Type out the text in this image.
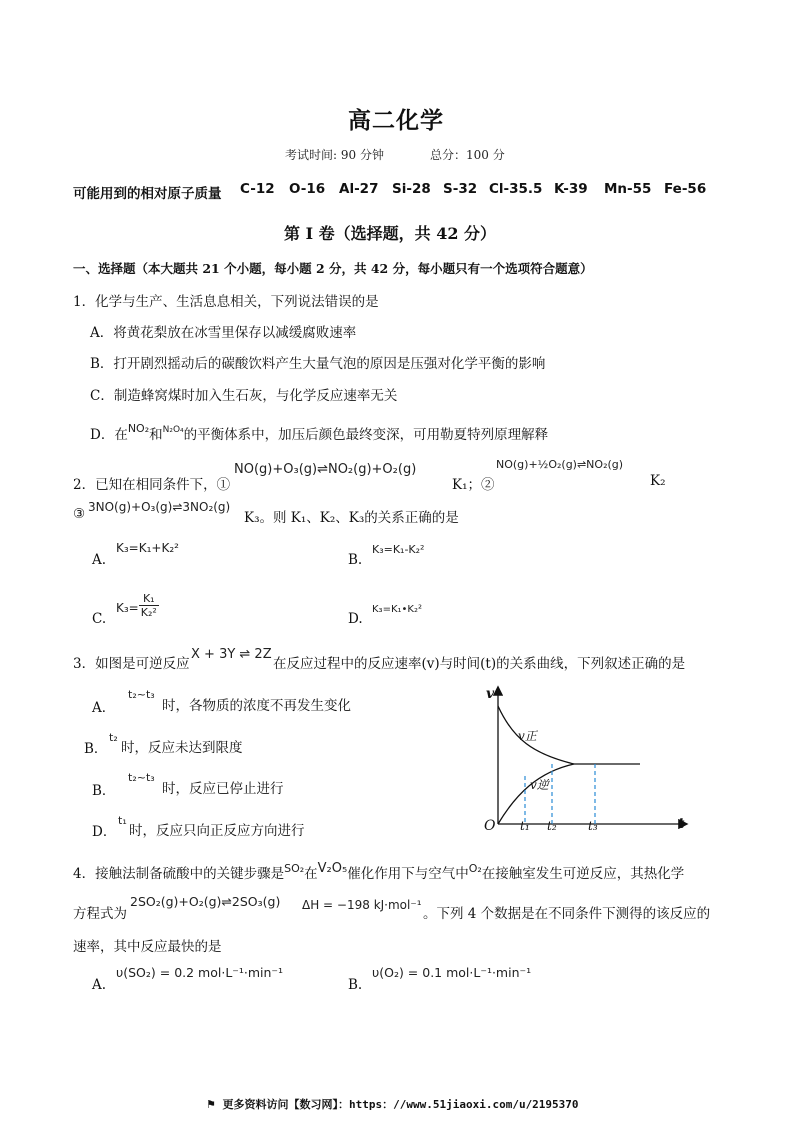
高二化学
考试时间: 90 分钟	总分：100 分
可能用到的相对原子质量 C-12 O-16 Al-27 Si-28 S-32 Cl-35.5 K-39 Mn-55 Fe-56
第 I 卷（选择题，共 42 分）
一、选择题（本大题共 21 个小题，每小题 2 分，共 42 分，每小题只有一个选项符合题意）
1．化学与生产、生活息息相关，下列说法错误的是
A．将黄花梨放在冰雪里保存以减缓腐败速率
B．打开剧烈摇动后的碳酸饮料产生大量气泡的原因是压强对化学平衡的影响
C．制造蜂窝煤时加入生石灰，与化学反应速率无关
D．在$^{NO_2}$和$^{N_2O_4}$的平衡体系中，加压后颜色最终变深，可用勒夏特列原理解释
2．已知在相同条件下，①
NO(g)+O₃(g)⇌NO₂(g)+O₂(g)
K₁；②
NO(g)+½O₂(g)⇌NO₂(g)
K₂
③ 3NO(g)+O₃(g)⇌3NO₂(g)
K₃。则 K₁、K₂、K₃的关系正确的是
A.
K₃=K₁+K₂²
B.
K₃=K₁-K₂²
C.
$K_3= \frac{\text{K₁}}{\text{K₂²}}$	D.
K₃=K₁•K₂²
3．如图是可逆反应
X + 3Y ⇌ 2Z
在反应过程中的反应速率(v)与时间(t)的关系曲线，下列叙述正确的是
A．
t₂~t₃
时，各物质的浓度不再发生变化
B．
t₂
时，反应未达到限度
B．
t₂~t₃
时，反应已停止进行
D．
t₁
时，反应只向正反应方向进行
v
t
O
v正
v逆
t₁ t₂	t₃
4．接触法制备硫酸中的关键步骤是$^{SO_2}$在V₂O₅催化作用下与空气中$^{O_2}$在接触室发生可逆反应，其热化学
方程式为
2SO₂(g)+O₂(g)⇌2SO₃(g) ΔH = −198 kJ·mol⁻¹
。下列 4 个数据是在不同条件下测得的该反应的
速率，其中反应最快的是
A.
υ(SO₂) = 0.2 mol·L⁻¹·min⁻¹
B.
υ(O₂) = 0.1 mol·L⁻¹·min⁻¹
⚑ 更多资料访问【数习网】：https：//www.51jiaoxi.com/u/2195370
